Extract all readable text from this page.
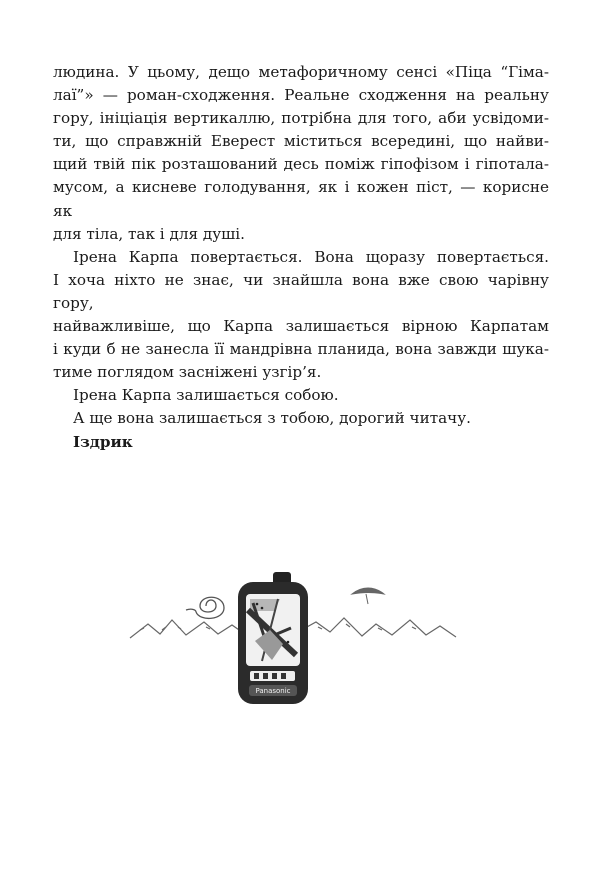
людина. У цьому, дещо метафоричному сенсі «Піца “Гіма-
лаї”» — роман-сходження. Реальне сходження на реальну
гору, ініціація вертикаллю, потрібна для того, аби усвідоми-
ти, що справжній Еверест міститься всередині, що найви-
щий твій пік розташований десь поміж гіпофізом і гіпотала-
мусом, а кисневе голодування, як і кожен піст, — корисне як
для тіла, так і для душі.
Ірена Карпа повертається. Вона щоразу повертається.
І хоча ніхто не знає, чи знайшла вона вже свою чарівну гору,
найважливіше, що Карпа залишається вірною Карпатам
і куди б не занесла її мандрівна планида, вона завжди шука-
тиме поглядом засніжені узгір’я.
Ірена Карпа залишається собою.
А ще вона залишається з тобою, дорогий читачу.
Іздрик
Panasonic
